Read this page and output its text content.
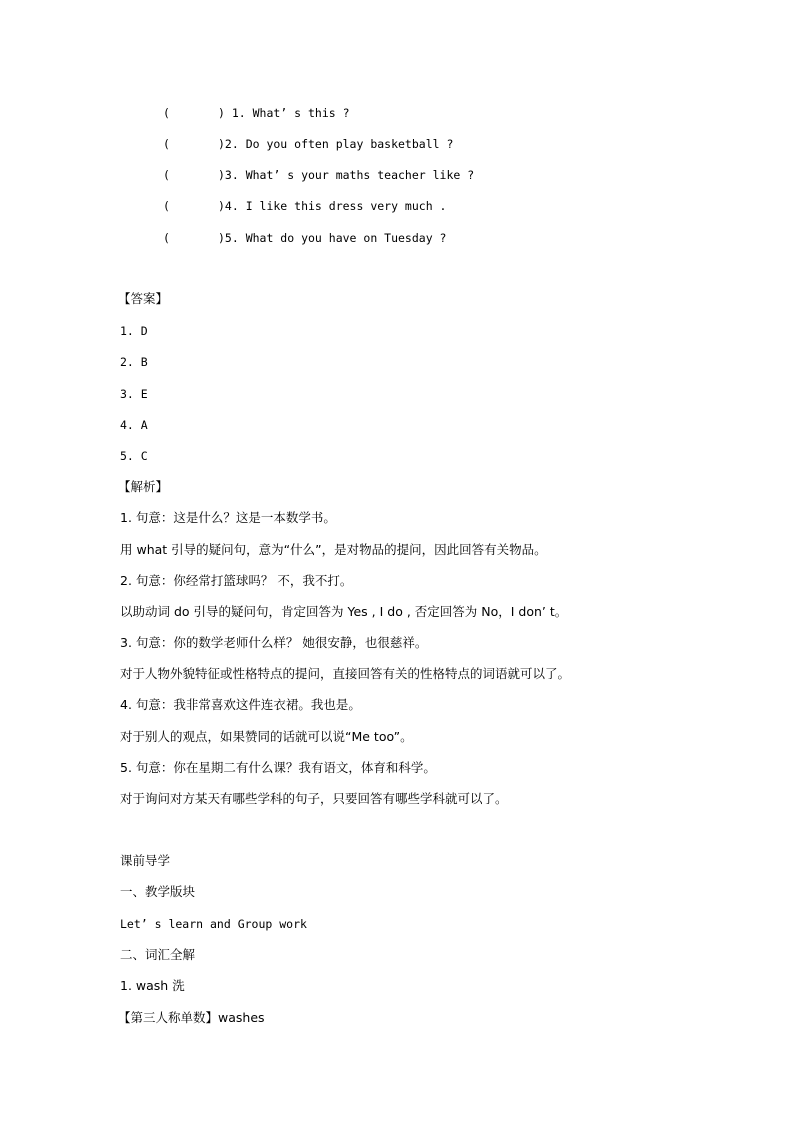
(	) 1. What’ s this ?
(	)2. Do you often play basketball ?
(	)3. What’ s your maths teacher like ?
(	)4. I like this dress very much .
(	)5. What do you have on Tuesday ?
【答案】
1. D
2. B
3. E
4. A
5. C
【解析】
1. 句意：这是什么？这是一本数学书。
用 what 引导的疑问句，意为“什么”，是对物品的提问，因此回答有关物品。
2. 句意：你经常打篮球吗？ 不，我不打。
以助动词 do 引导的疑问句，肯定回答为 Yes , I do , 否定回答为 No，I don’ t。
3. 句意：你的数学老师什么样？ 她很安静，也很慈祥。
对于人物外貌特征或性格特点的提问，直接回答有关的性格特点的词语就可以了。
4. 句意：我非常喜欢这件连衣裙。我也是。
对于别人的观点，如果赞同的话就可以说“Me too”。
5. 句意：你在星期二有什么课？我有语文，体育和科学。
对于询问对方某天有哪些学科的句子，只要回答有哪些学科就可以了。
课前导学
一、教学版块
Let’ s learn and Group work
二、词汇全解
1. wash 洗
【第三人称单数】washes
